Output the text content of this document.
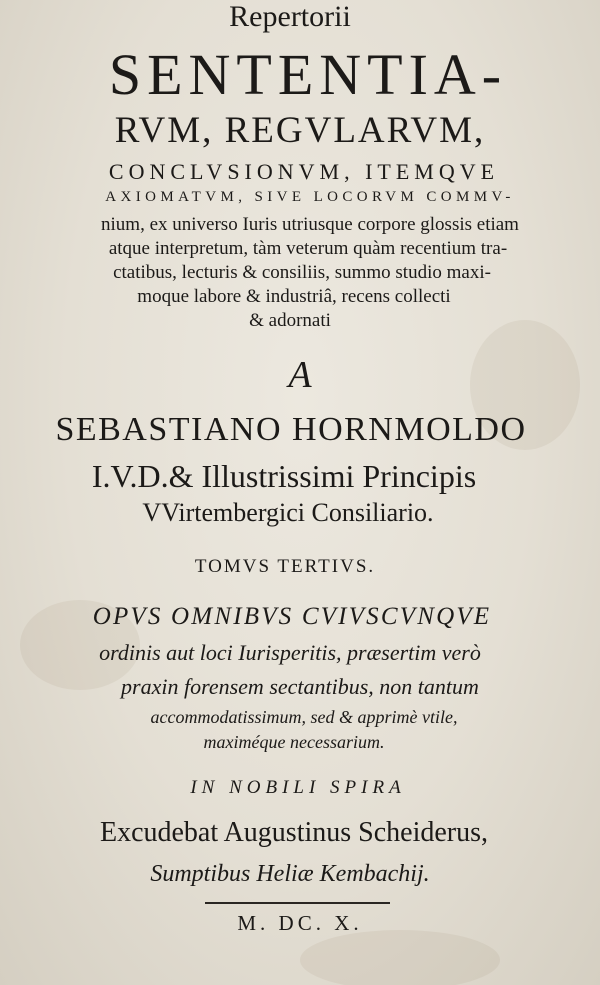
Repertorii
SENTENTIA-
RVM, REGVLARVM,
CONCLVSIONVM, ITEMQVE
AXIOMATVM, SIVE LOCORVM COMMV-
nium, ex universo Iuris utriusque corpore glossis etiam
atque interpretum, tàm veterum quàm recentium tra-
ctatibus, lecturis & consiliis, summo studio maxi-
moque labore & industriâ, recens collecti
& adornati
A
SEBASTIANO HORNMOLDO
I.V.D.& Illustrissimi Principis
VVirtembergici Consiliario.
TOMVS TERTIVS.
OPVS OMNIBVS CVIVSCVNQVE
ordinis aut loci Iurisperitis, præsertim verò
praxin forensem sectantibus, non tantum
accommodatissimum, sed & apprimè vtile,
maximéque necessarium.
IN NOBILI SPIRA
Excudebat Augustinus Scheiderus,
Sumptibus Heliæ Kembachij.
M. DC. X.
